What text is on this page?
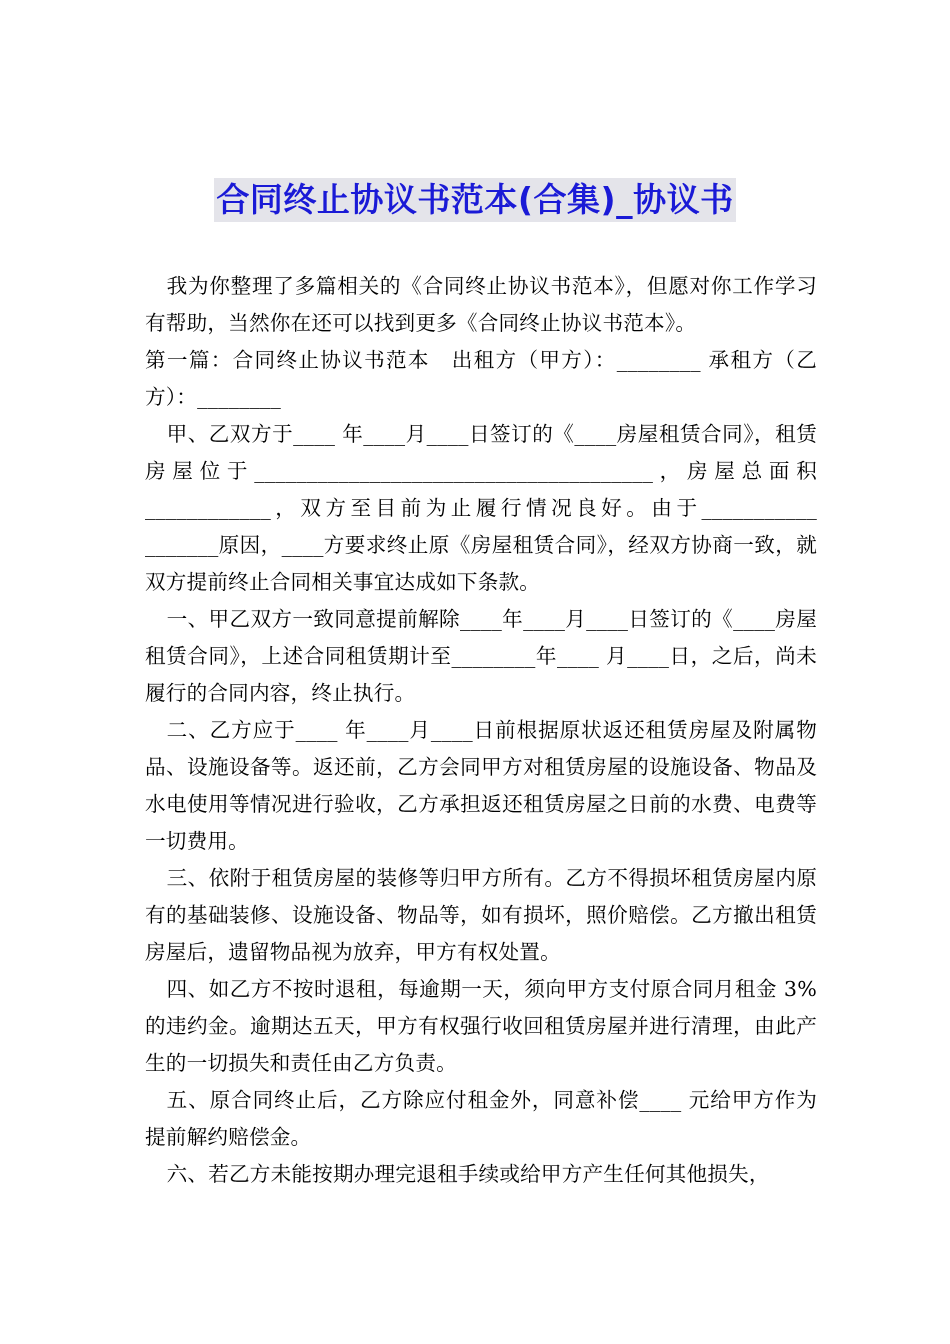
合同终止协议书范本(合集)_协议书

我为你整理了多篇相关的《合同终止协议书范本》，但愿对你工作学习有帮助，当然你在还可以找到更多《合同终止协议书范本》。

第一篇：合同终止协议书范本　出租方（甲方）：________ 承租方（乙方）：________

甲、乙双方于____ 年____月____日签订的《____房屋租赁合同》，租赁房屋位于______________________________________，房屋总面积____________，双方至目前为止履行情况良好。由于___________ _______原因，____方要求终止原《房屋租赁合同》，经双方协商一致，就双方提前终止合同相关事宜达成如下条款。

一、甲乙双方一致同意提前解除____年____月____日签订的《____房屋租赁合同》，上述合同租赁期计至________年____ 月____日，之后，尚未履行的合同内容，终止执行。

二、乙方应于____ 年____月____日前根据原状返还租赁房屋及附属物品、设施设备等。返还前，乙方会同甲方对租赁房屋的设施设备、物品及水电使用等情况进行验收，乙方承担返还租赁房屋之日前的水费、电费等一切费用。

三、依附于租赁房屋的装修等归甲方所有。乙方不得损坏租赁房屋内原有的基础装修、设施设备、物品等，如有损坏，照价赔偿。乙方撤出租赁房屋后，遗留物品视为放弃，甲方有权处置。

四、如乙方不按时退租，每逾期一天，须向甲方支付原合同月租金 3%的违约金。逾期达五天，甲方有权强行收回租赁房屋并进行清理，由此产生的一切损失和责任由乙方负责。

五、原合同终止后，乙方除应付租金外，同意补偿____ 元给甲方作为提前解约赔偿金。

六、若乙方未能按期办理完退租手续或给甲方产生任何其他损失，
